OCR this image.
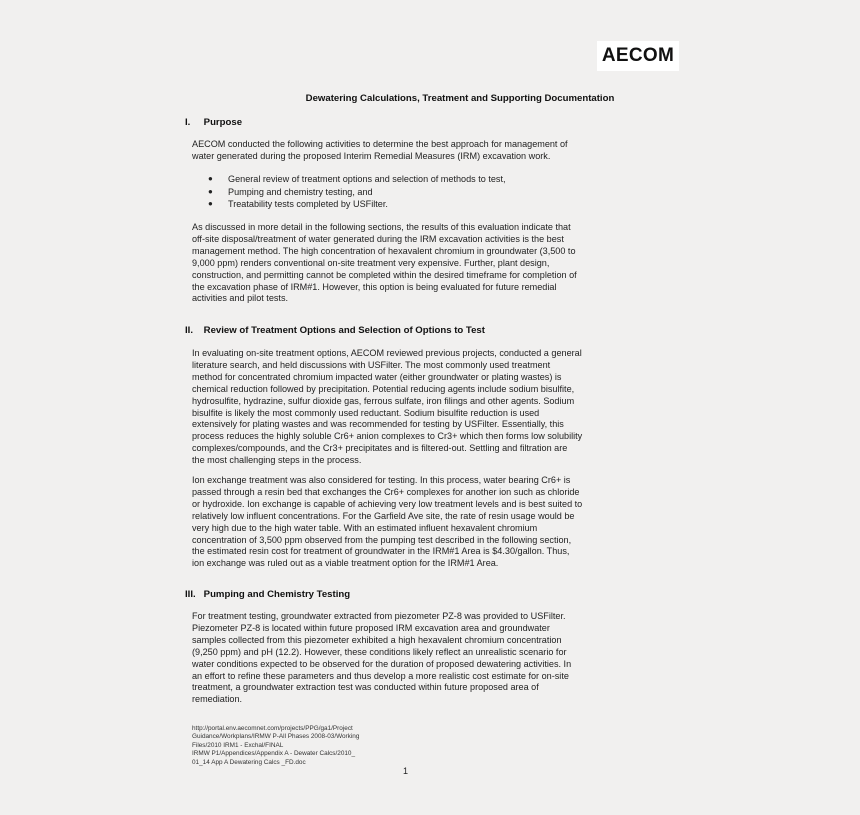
AECOM
Dewatering Calculations, Treatment and Supporting Documentation
I. Purpose
AECOM conducted the following activities to determine the best approach for management of
water generated during the proposed Interim Remedial Measures (IRM) excavation work.
● General review of treatment options and selection of methods to test,
● Pumping and chemistry testing, and
● Treatability tests completed by USFilter.
As discussed in more detail in the following sections, the results of this evaluation indicate that
off-site disposal/treatment of water generated during the IRM excavation activities is the best
management method. The high concentration of hexavalent chromium in groundwater (3,500 to
9,000 ppm) renders conventional on-site treatment very expensive. Further, plant design,
construction, and permitting cannot be completed within the desired timeframe for completion of
the excavation phase of IRM#1. However, this option is being evaluated for future remedial
activities and pilot tests.
II. Review of Treatment Options and Selection of Options to Test
In evaluating on-site treatment options, AECOM reviewed previous projects, conducted a general
literature search, and held discussions with USFilter. The most commonly used treatment
method for concentrated chromium impacted water (either groundwater or plating wastes) is
chemical reduction followed by precipitation. Potential reducing agents include sodium bisulfite,
hydrosulfite, hydrazine, sulfur dioxide gas, ferrous sulfate, iron filings and other agents. Sodium
bisulfite is likely the most commonly used reductant. Sodium bisulfite reduction is used
extensively for plating wastes and was recommended for testing by USFilter. Essentially, this
process reduces the highly soluble Cr6+ anion complexes to Cr3+ which then forms low solubility
complexes/compounds, and the Cr3+ precipitates and is filtered-out. Settling and filtration are
the most challenging steps in the process.
Ion exchange treatment was also considered for testing. In this process, water bearing Cr6+ is
passed through a resin bed that exchanges the Cr6+ complexes for another ion such as chloride
or hydroxide. Ion exchange is capable of achieving very low treatment levels and is best suited to
relatively low influent concentrations. For the Garfield Ave site, the rate of resin usage would be
very high due to the high water table. With an estimated influent hexavalent chromium
concentration of 3,500 ppm observed from the pumping test described in the following section,
the estimated resin cost for treatment of groundwater in the IRM#1 Area is $4.30/gallon. Thus,
ion exchange was ruled out as a viable treatment option for the IRM#1 Area.
III. Pumping and Chemistry Testing
For treatment testing, groundwater extracted from piezometer PZ-8 was provided to USFilter.
Piezometer PZ-8 is located within future proposed IRM excavation area and groundwater
samples collected from this piezometer exhibited a high hexavalent chromium concentration
(9,250 ppm) and pH (12.2). However, these conditions likely reflect an unrealistic scenario for
water conditions expected to be observed for the duration of proposed dewatering activities. In
an effort to refine these parameters and thus develop a more realistic cost estimate for on-site
treatment, a groundwater extraction test was conducted within future proposed area of
remediation.
http://portal.env.aecomnet.com/projects/PPG/ga1/Project
Guidance/Workplans/IRMW P-All Phases 2008-03/Working
Files/2010 IRM1 - Exchal/FINAL
IRMW P1/Appendices/Appendix A - Dewater Calcs/2010_
01_14 App A Dewatering Calcs _FD.doc
1
